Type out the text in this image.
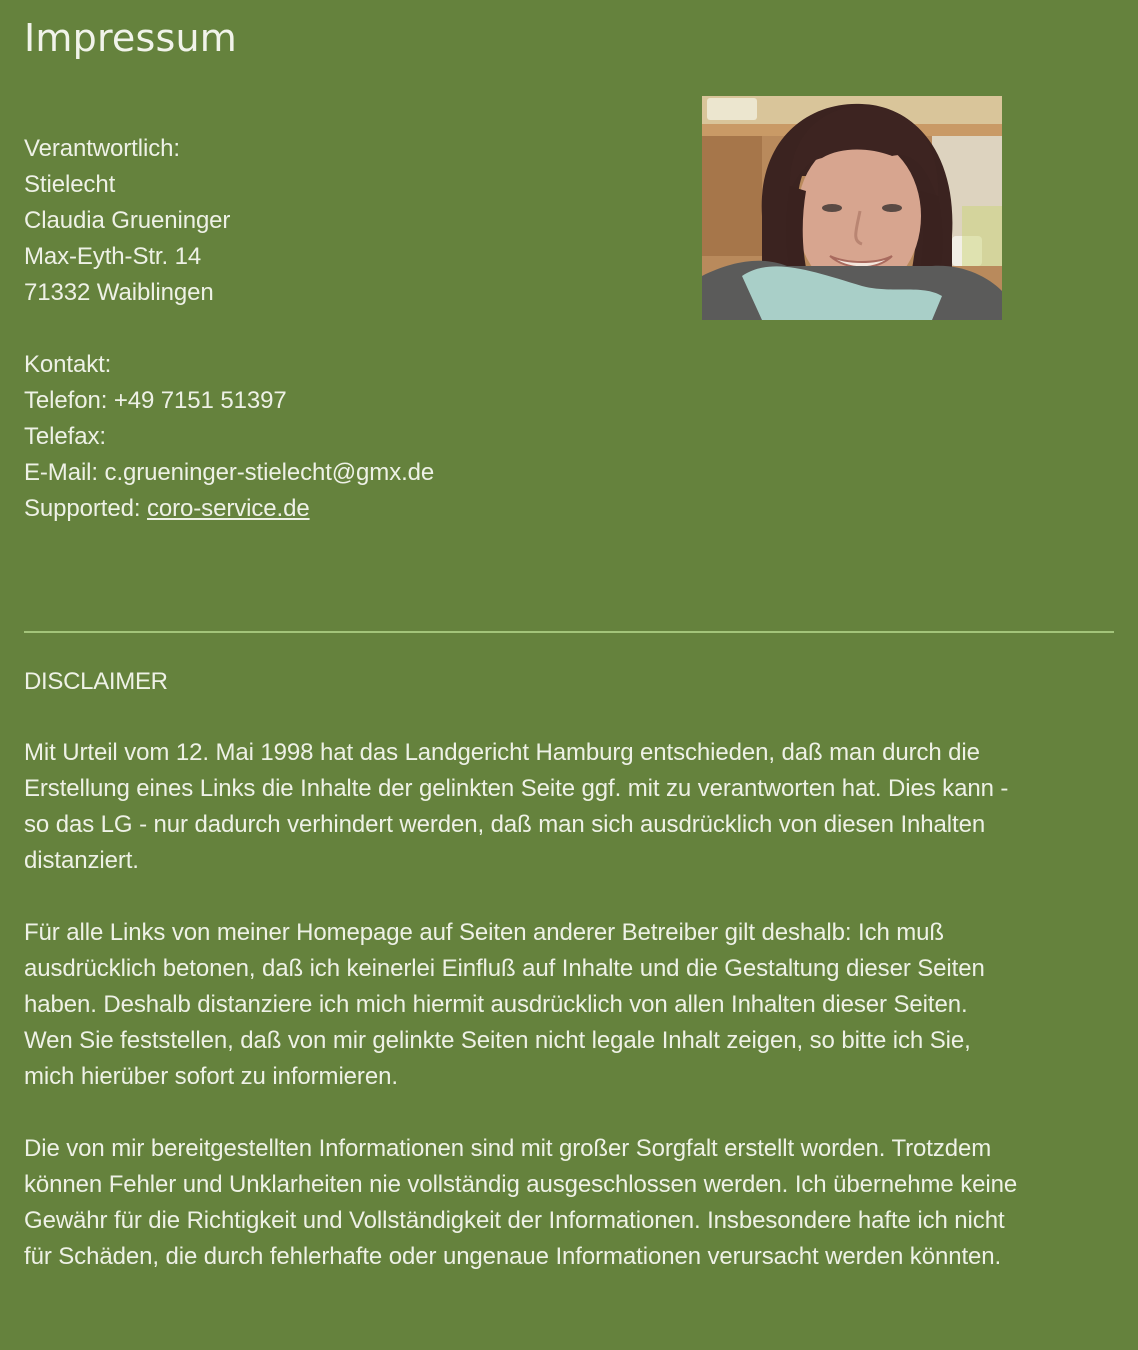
Impressum
Verantwortlich:
Stielecht
Claudia Grueninger
Max-Eyth-Str. 14
71332 Waiblingen
Kontakt:
Telefon: +49 7151 51397
Telefax:
E-Mail: c.grueninger-stielecht@gmx.de
Supported: coro-service.de
DISCLAIMER

Mit Urteil vom 12. Mai 1998 hat das Landgericht Hamburg entschieden, daß man durch die
Erstellung eines Links die Inhalte der gelinkten Seite ggf. mit zu verantworten hat. Dies kann -
so das LG - nur dadurch verhindert werden, daß man sich ausdrücklich von diesen Inhalten
distanziert.

Für alle Links von meiner Homepage auf Seiten anderer Betreiber gilt deshalb: Ich muß
ausdrücklich betonen, daß ich keinerlei Einfluß auf Inhalte und die Gestaltung dieser Seiten
haben. Deshalb distanziere ich mich hiermit ausdrücklich von allen Inhalten dieser Seiten.
Wen Sie feststellen, daß von mir gelinkte Seiten nicht legale Inhalt zeigen, so bitte ich Sie,
mich hierüber sofort zu informieren.

Die von mir bereitgestellten Informationen sind mit großer Sorgfalt erstellt worden. Trotzdem
können Fehler und Unklarheiten nie vollständig ausgeschlossen werden. Ich übernehme keine
Gewähr für die Richtigkeit und Vollständigkeit der Informationen. Insbesondere hafte ich nicht
für Schäden, die durch fehlerhafte oder ungenaue Informationen verursacht werden könnten.
